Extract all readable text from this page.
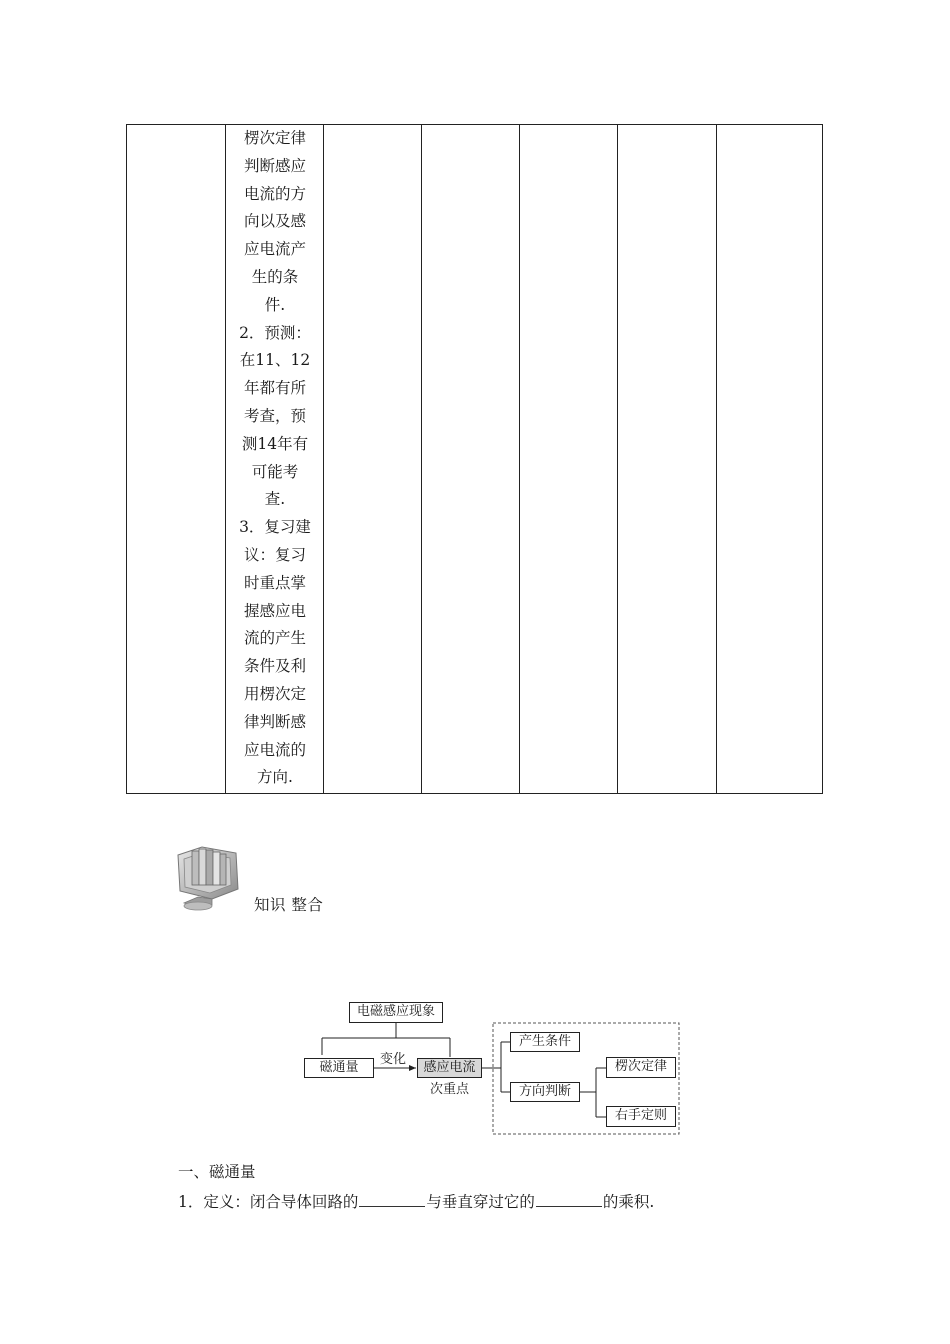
楞次定律
判断感应
电流的方
向以及感
应电流产
生的条
件.
2．预测：
在11、12
年都有所
考查，预
测14年有
可能考
查.
3．复习建
议：复习
时重点掌
握感应电
流的产生
条件及利
用楞次定
律判断感
应电流的
方向.
知识 整合
电磁感应现象
磁通量
变化
感应电流
次重点
产生条件
方向判断
楞次定律
右手定则
一、磁通量
1．定义：闭合导体回路的	与垂直穿过它的	的乘积.
